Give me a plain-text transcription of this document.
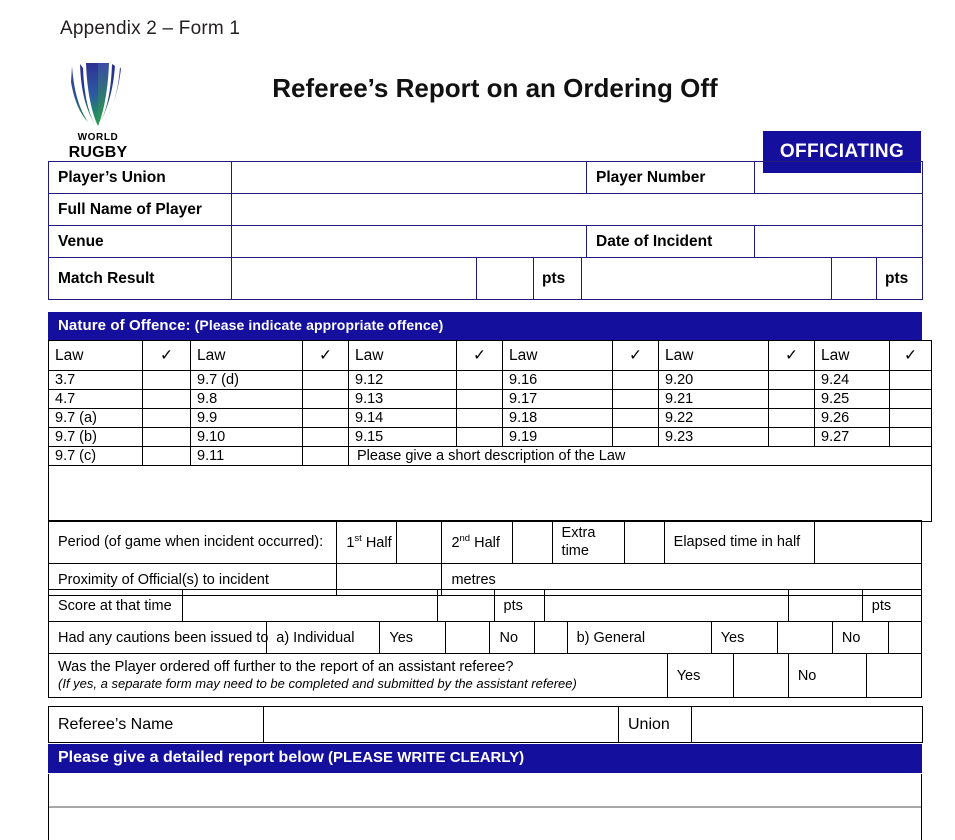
Appendix 2 – Form 1
WORLD
RUGBY
Referee’s Report on an Ordering Off
OFFICIATING
Player’s Union		Player Number	
Full Name of Player			
Venue		Date of Incident	
Match Result			pts			pts
Nature of Offence: (Please indicate appropriate offence)
Law	✓	Law	✓	Law	✓	Law	✓	Law	✓	Law	✓
3.7		9.7 (d)		9.12		9.16		9.20		9.24	
4.7		9.8		9.13		9.17		9.21		9.25	
9.7 (a)		9.9		9.14		9.18		9.22		9.26	
9.7 (b)		9.10		9.15		9.19		9.23		9.27	
9.7 (c)		9.11		Please give a short description of the Law							

Period (of game when incident occurred):	1st Half		2nd Half		Extra time		Elapsed time in half	
Proximity of Official(s) to incident			metres					
Score at that time			pts			pts
Had any cautions been issued to	a) Individual	Yes		No		b) General	Yes		No	
Was the Player ordered off further to the report of an assistant referee?
(If yes, a separate form may need to be completed and submitted by the assistant referee)
	Yes		No	
Referee’s Name		Union	
Please give a detailed report below (PLEASE WRITE CLEARLY)
